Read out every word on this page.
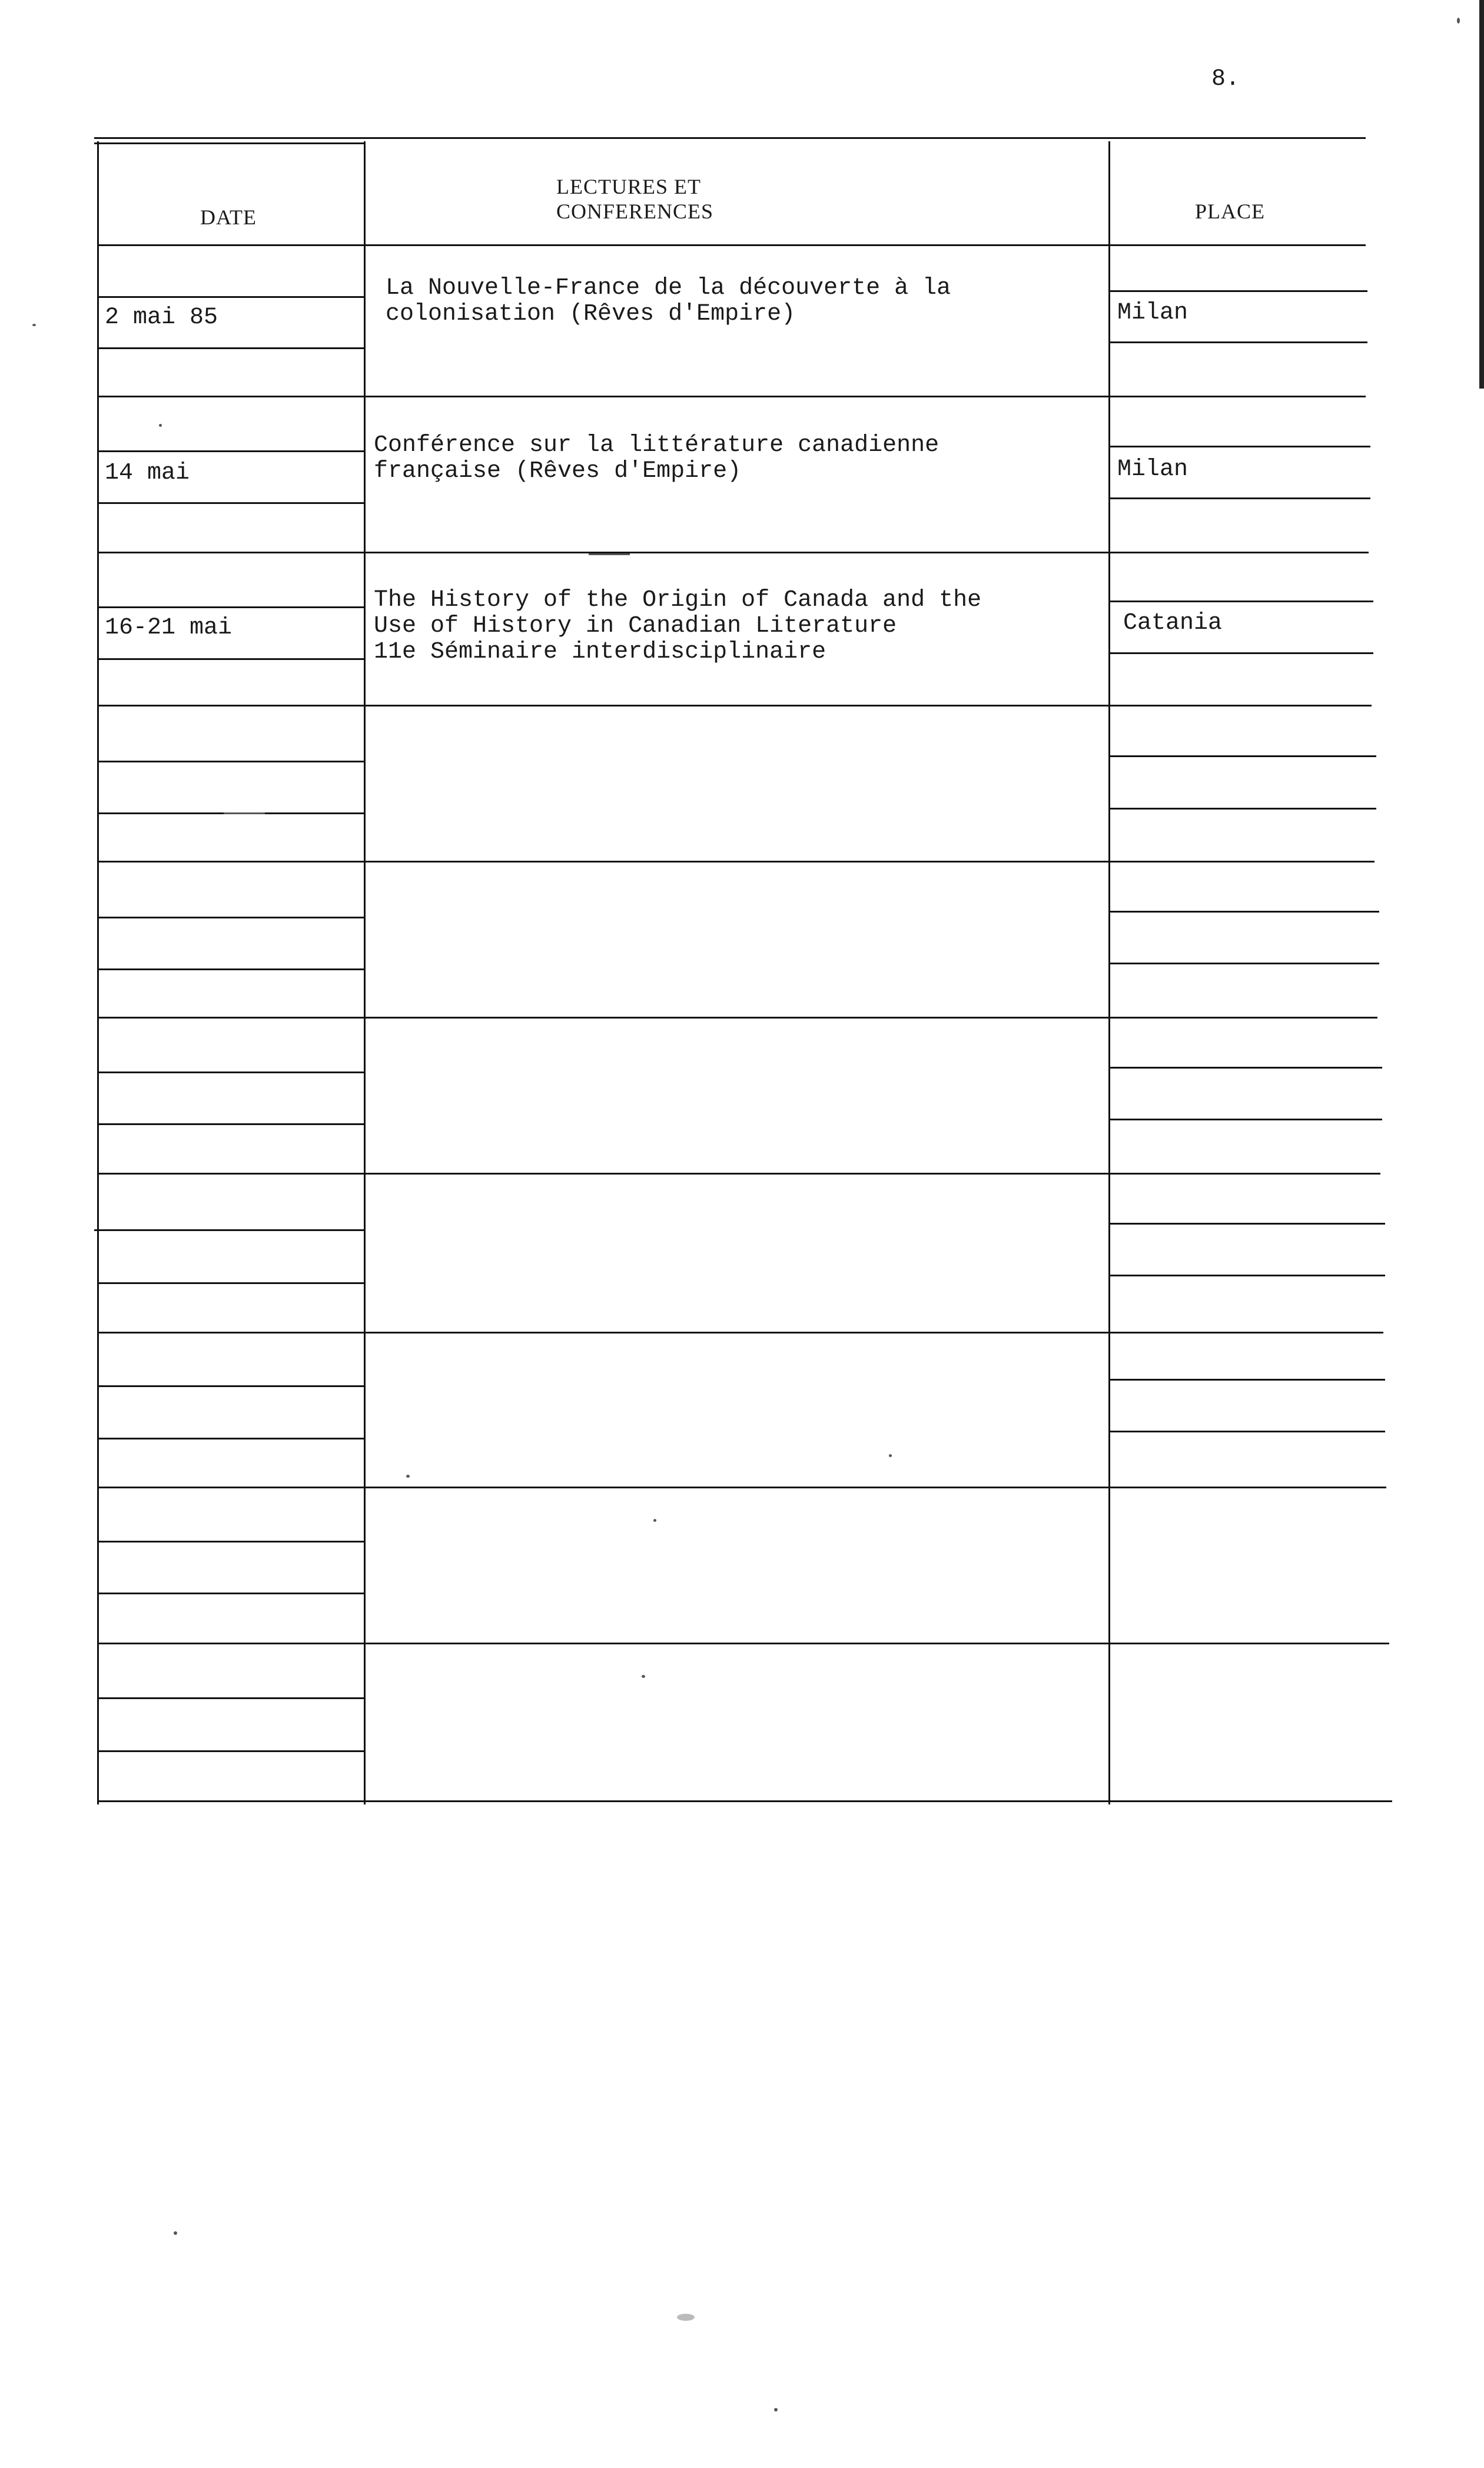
8.
DATE
LECTURES ET CONFERENCES	PLACE
2 mai 85
14 mai
16-21 mai
La Nouvelle-France de la découverte à la
colonisation (Rêves d'Empire)
Conférence sur la littérature canadienne
française (Rêves d'Empire)
The History of the Origin of Canada and the
Use of History in Canadian Literature
11e Séminaire interdisciplinaire
Milan
Milan
Catania
